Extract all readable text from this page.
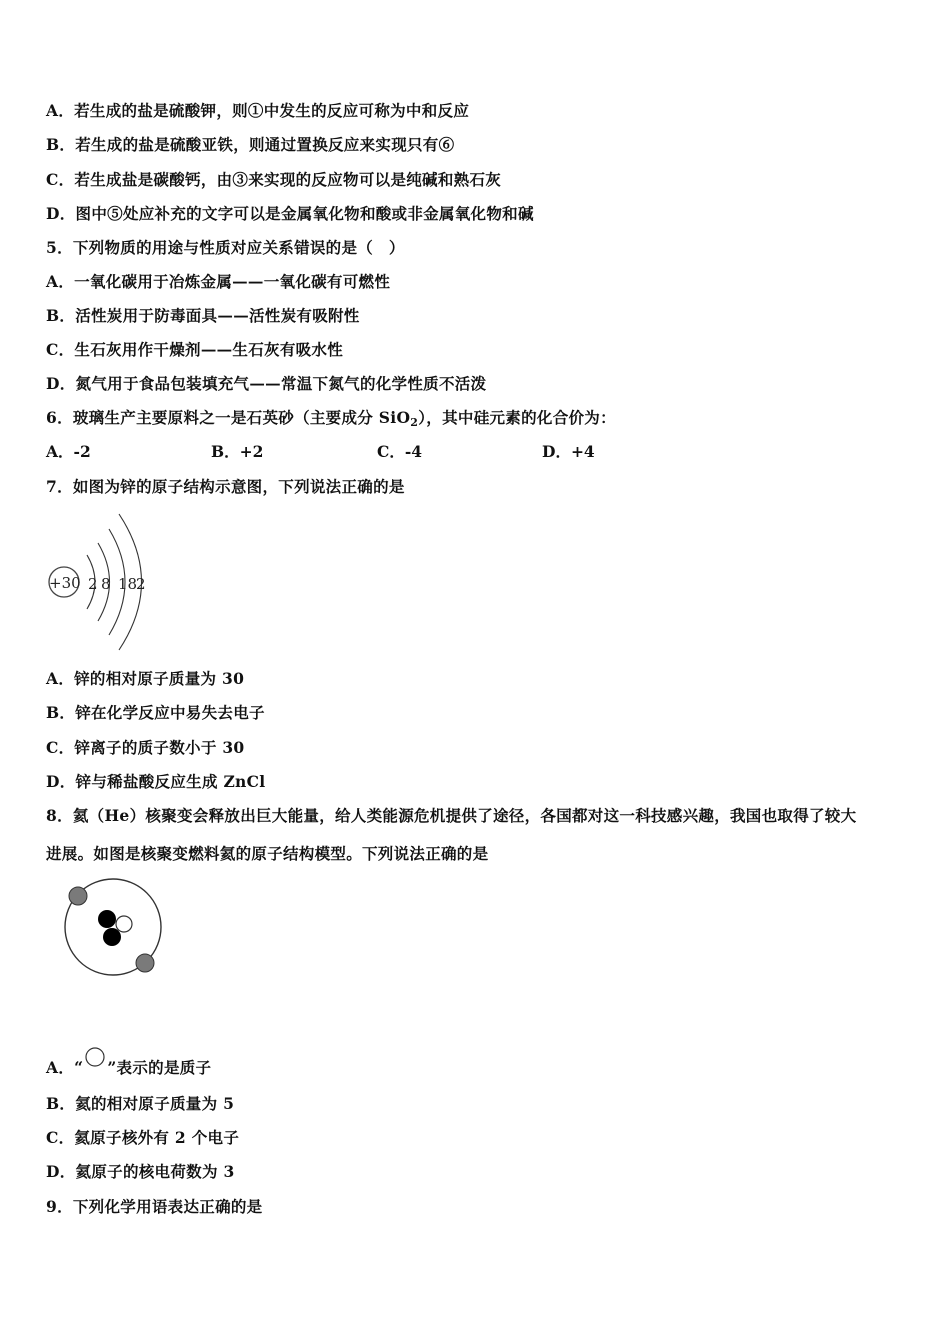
A．若生成的盐是硫酸钾，则①中发生的反应可称为中和反应
B．若生成的盐是硫酸亚铁，则通过置换反应来实现只有⑥
C．若生成盐是碳酸钙，由③来实现的反应物可以是纯碱和熟石灰
D．图中⑤处应补充的文字可以是金属氧化物和酸或非金属氧化物和碱
5．下列物质的用途与性质对应关系错误的是（　）
A．一氧化碳用于冶炼金属——一氧化碳有可燃性
B．活性炭用于防毒面具——活性炭有吸附性
C．生石灰用作干燥剂——生石灰有吸水性
D．氮气用于食品包装填充气——常温下氮气的化学性质不活泼
6．玻璃生产主要原料之一是石英砂（主要成分 SiO$_2$），其中硅元素的化合价为：
A．-2	B．+2	C．-4	D．+4
7．如图为锌的原子结构示意图，下列说法正确的是
+30 2 8 18
2
A．锌的相对原子质量为 30
B．锌在化学反应中易失去电子
C．锌离子的质子数小于 30
D．锌与稀盐酸反应生成 ZnCl
8．氦（He）核聚变会释放出巨大能量，给人类能源危机提供了途径，各国都对这一科技感兴趣，我国也取得了较大
进展。如图是核聚变燃料氦的原子结构模型。下列说法正确的是
A．“ ”表示的是质子
B．氦的相对原子质量为 5
C．氦原子核外有 2 个电子
D．氦原子的核电荷数为 3
9．下列化学用语表达正确的是
